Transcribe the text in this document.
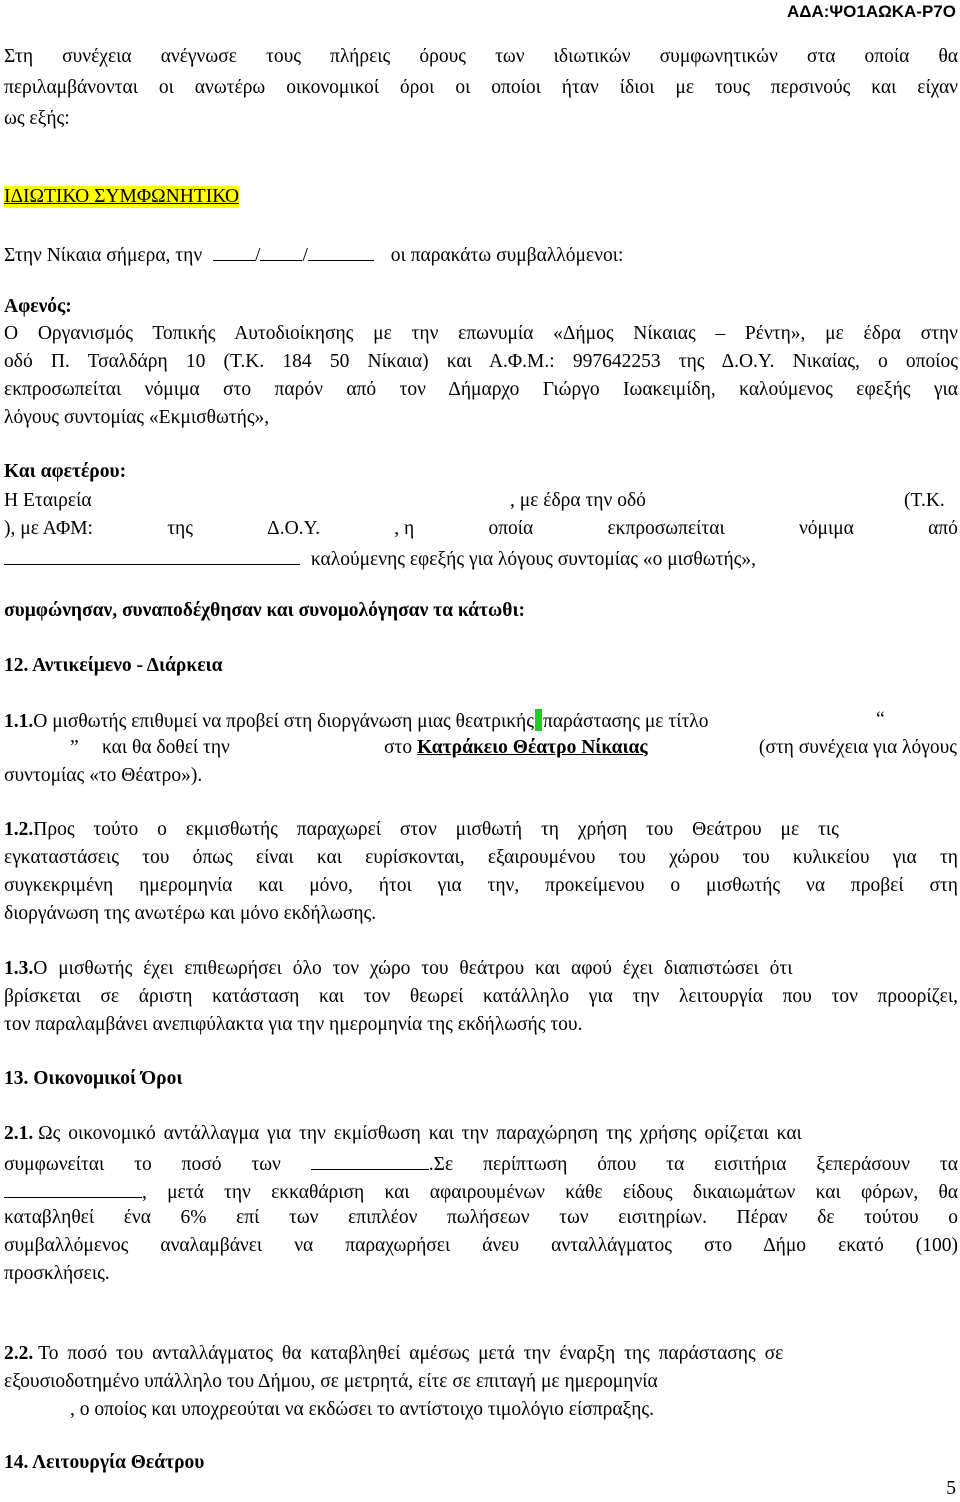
ΑΔΑ:ΨΟ1ΑΩΚΑ-Ρ7Ο
Στη συνέχεια ανέγνωσε τους πλήρεις όρους των ιδιωτικών συμφωνητικών στα οποία θα
περιλαμβάνονται οι ανωτέρω οικονομικοί όροι οι οποίοι ήταν ίδιοι με τους περσινούς και είχαν
ως εξής:
ΙΔΙΩΤΙΚΟ ΣΥΜΦΩΝΗΤΙΚΟ
Στην Νίκαια σήμερα, την	/ /	οι παρακάτω συμβαλλόμενοι:
Αφενός:
Ο Οργανισμός Τοπικής Αυτοδιοίκησης με την επωνυμία «Δήμος Νίκαιας – Ρέντη», με έδρα στην
οδό Π. Τσαλδάρη 10 (Τ.Κ. 184 50 Νίκαια) και Α.Φ.Μ.: 997642253 της Δ.Ο.Υ. Νικαίας, ο οποίος
εκπροσωπείται νόμιμα στο παρόν από τον Δήμαρχο Γιώργο Ιωακειμίδη, καλούμενος εφεξής για
λόγους συντομίας «Εκμισθωτής»,
Και αφετέρου:
Η Εταιρεία	, με έδρα την οδό	(Τ.Κ.
), με ΑΦΜ:	της	Δ.Ο.Υ.	, η	οποία	εκπροσωπείται	νόμιμα	από
καλούμενης εφεξής για λόγους συντομίας «ο μισθωτής»,
συμφώνησαν, συναποδέχθησαν και συνομολόγησαν τα κάτωθι:
12. Αντικείμενο - Διάρκεια
1.1.Ο μισθωτής επιθυμεί να προβεί στη διοργάνωση μιας θεατρικής παράστασης με τίτλο	“
” και θα δοθεί την	στο Κατράκειο Θέατρο Νίκαιας	(στη συνέχεια για λόγους
συντομίας «το Θέατρο»).
1.2.Προς τούτο ο εκμισθωτής παραχωρεί στον μισθωτή τη χρήση του Θεάτρου με τις
εγκαταστάσεις του όπως είναι και ευρίσκονται, εξαιρουμένου του χώρου του κυλικείου για τη
συγκεκριμένη ημερομηνία και μόνο, ήτοι για την, προκείμενου ο μισθωτής να προβεί στη
διοργάνωση της ανωτέρω και μόνο εκδήλωσης.
1.3.Ο μισθωτής έχει επιθεωρήσει όλο τον χώρο του θεάτρου και αφού έχει διαπιστώσει ότι
βρίσκεται σε άριστη κατάσταση και τον θεωρεί κατάλληλο για την λειτουργία που τον προορίζει,
τον παραλαμβάνει ανεπιφύλακτα για την ημερομηνία της εκδήλωσής του.
13. Οικονομικοί Όροι
2.1. Ως οικονομικό αντάλλαγμα για την εκμίσθωση και την παραχώρηση της χρήσης ορίζεται και
συμφωνείται το ποσό των	.Σε περίπτωση όπου τα εισιτήρια ξεπεράσουν τα
, μετά την εκκαθάριση και αφαιρουμένων κάθε είδους δικαιωμάτων και φόρων, θα
καταβληθεί ένα 6% επί των επιπλέον πωλήσεων των εισιτηρίων. Πέραν δε τούτου ο
συμβαλλόμενος αναλαμβάνει να παραχωρήσει άνευ ανταλλάγματος στο Δήμο εκατό (100)
προσκλήσεις.
2.2. Το ποσό του ανταλλάγματος θα καταβληθεί αμέσως μετά την έναρξη της παράστασης σε
εξουσιοδοτημένο υπάλληλο του Δήμου, σε μετρητά, είτε σε επιταγή με ημερομηνία
, ο οποίος και υποχρεούται να εκδώσει το αντίστοιχο τιμολόγιο είσπραξης.
14. Λειτουργία Θεάτρου
5
